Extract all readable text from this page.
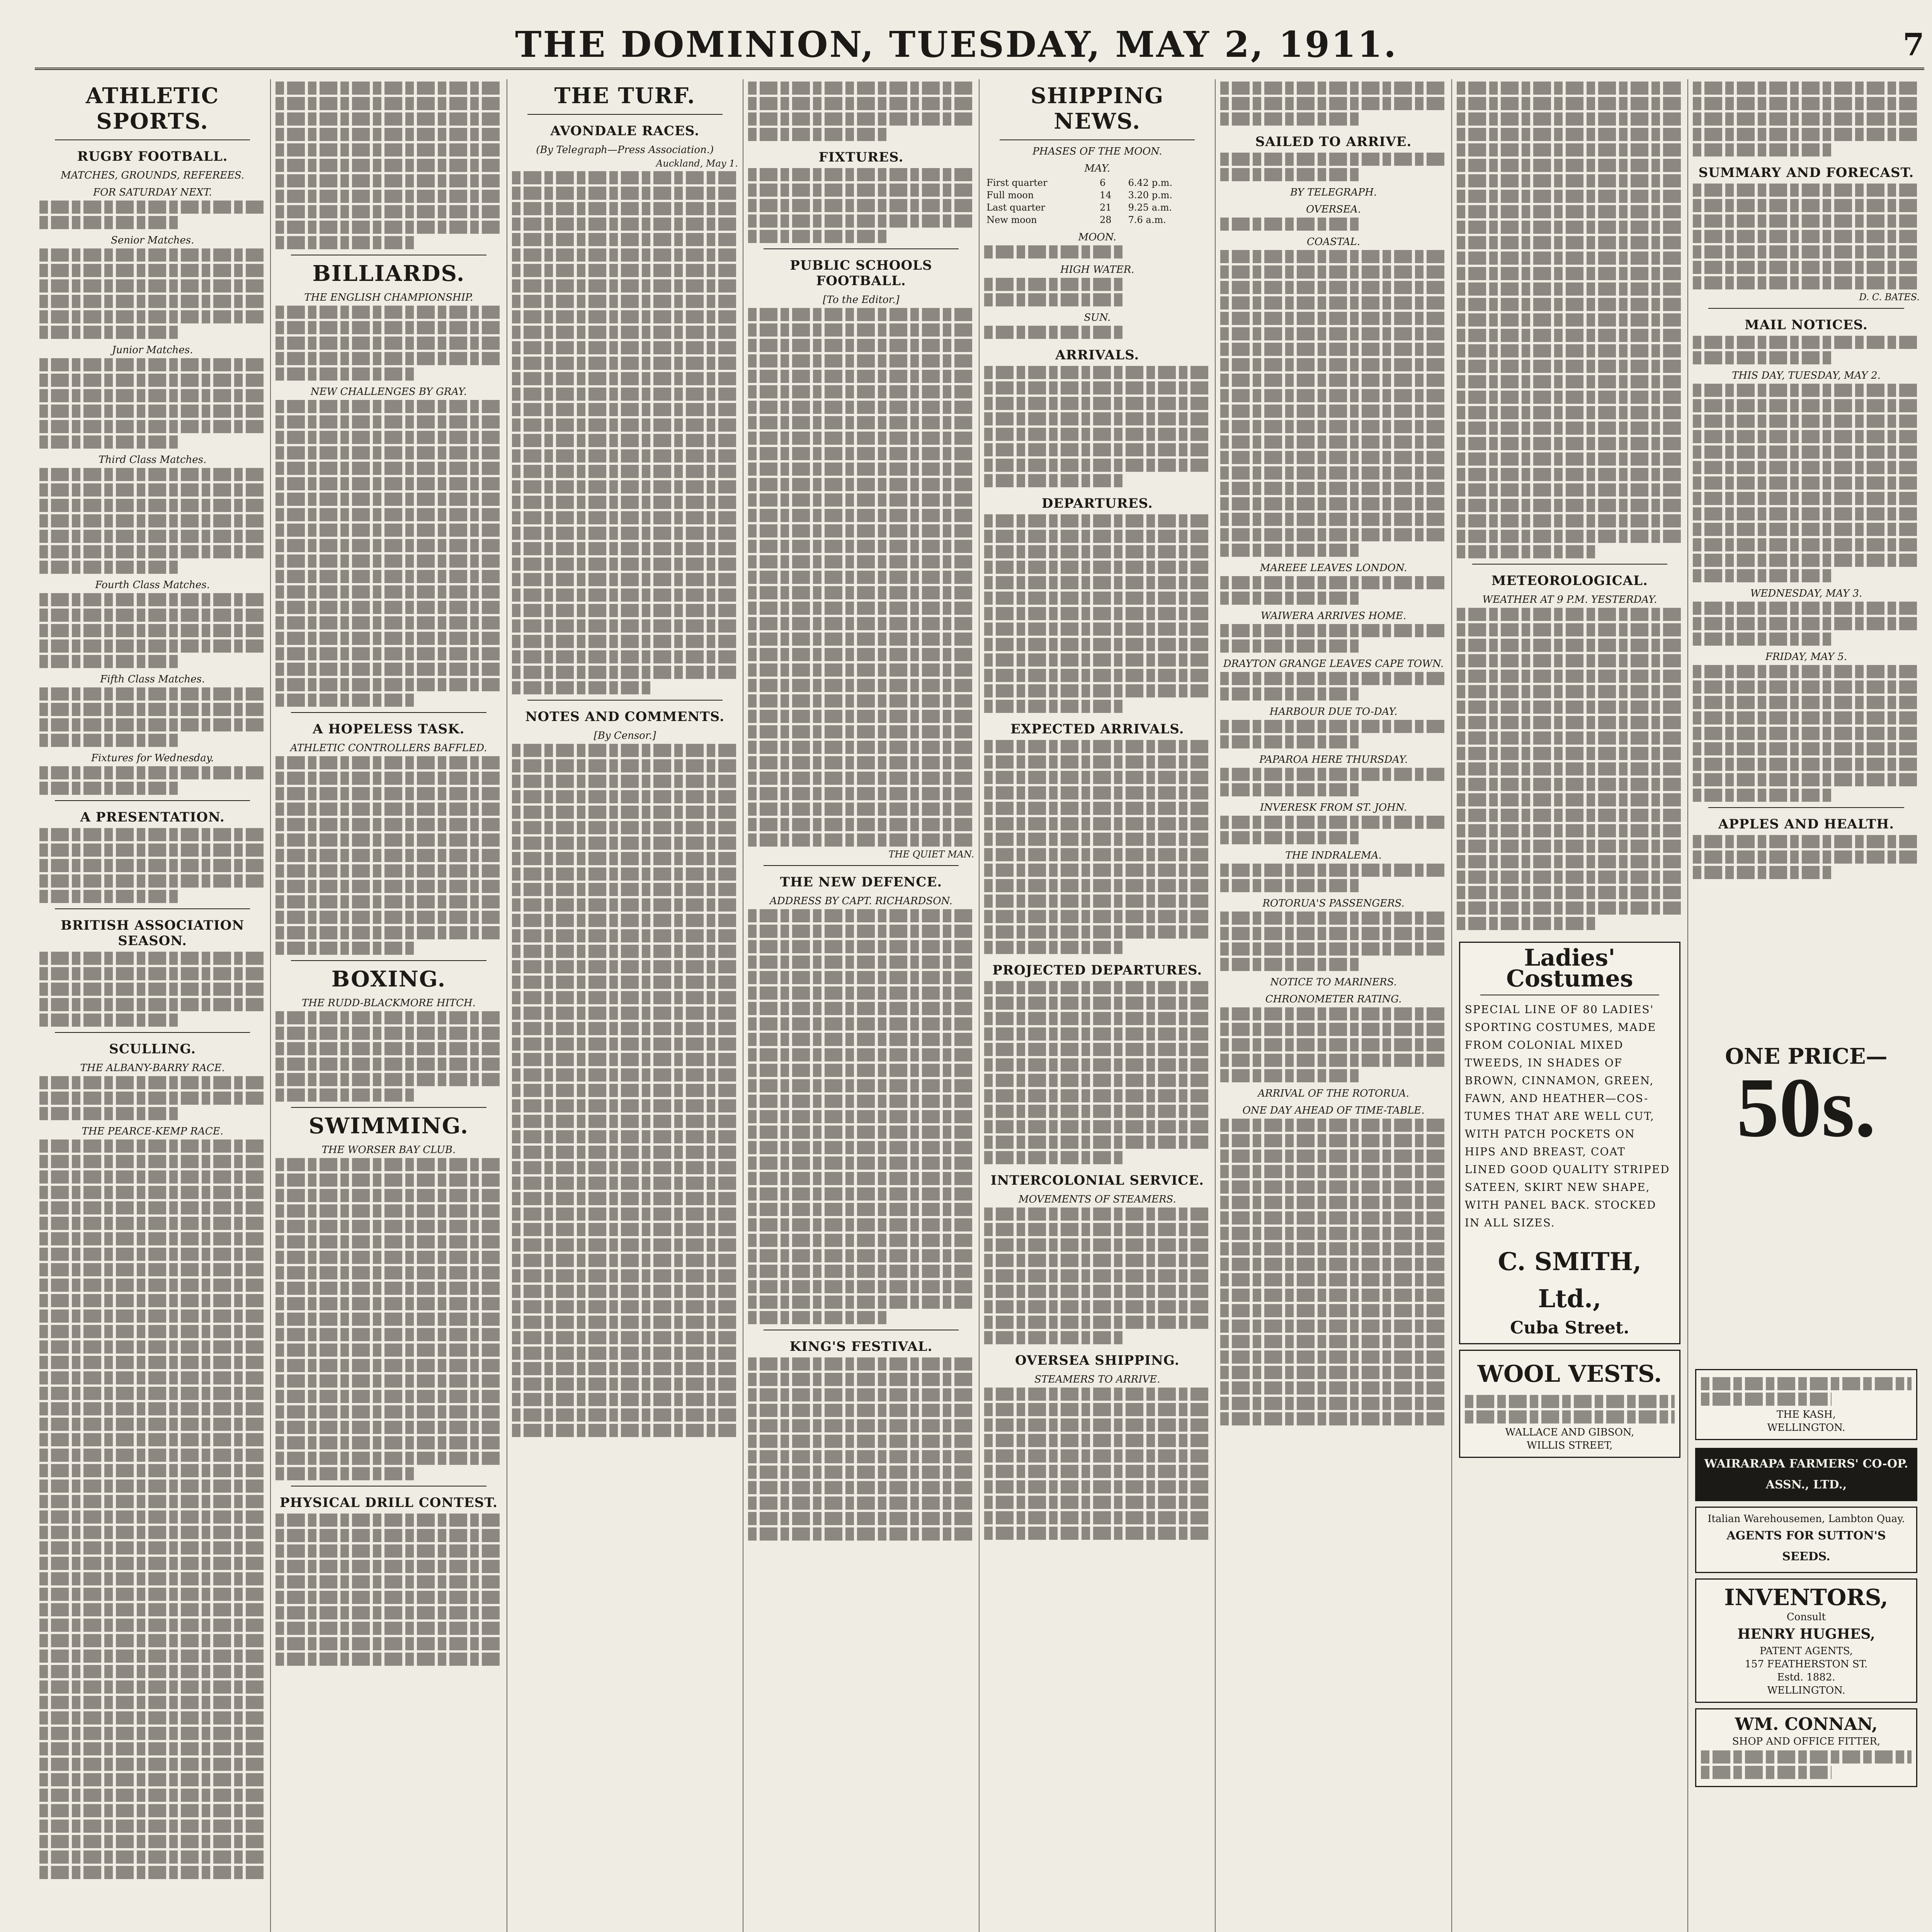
THE DOMINION, TUESDAY, MAY 2, 1911.	7
ATHLETIC SPORTS.
RUGBY FOOTBALL.
MATCHES, GROUNDS, REFEREES.
FOR SATURDAY NEXT.
Senior Matches.
Junior Matches.
Third Class Matches.
Fourth Class Matches.
Fifth Class Matches.
Fixtures for Wednesday.
A PRESENTATION.
BRITISH ASSOCIATION SEASON.
SCULLING.
THE ALBANY-BARRY RACE.
THE PEARCE-KEMP RACE.
BILLIARDS.
THE ENGLISH CHAMPIONSHIP.
NEW CHALLENGES BY GRAY.
A HOPELESS TASK.
ATHLETIC CONTROLLERS BAFFLED.
BOXING.
THE RUDD-BLACKMORE HITCH.
SWIMMING.
THE WORSER BAY CLUB.
PHYSICAL DRILL CONTEST.
THE TURF.
AVONDALE RACES.
(By Telegraph—Press Association.)
Auckland, May 1.
NOTES AND COMMENTS.
[By Censor.]
FIXTURES.
PUBLIC SCHOOLS FOOTBALL.
[To the Editor.]
THE QUIET MAN.
THE NEW DEFENCE.
ADDRESS BY CAPT. RICHARDSON.
KING'S FESTIVAL.
SHIPPING NEWS.
PHASES OF THE MOON.
MAY.
First quarter	6	6.42 p.m.
Full moon	14	3.20 p.m.
Last quarter	21	9.25 a.m.
New moon	28	7.6 a.m.
MOON.
HIGH WATER.
SUN.
ARRIVALS.
DEPARTURES.
EXPECTED ARRIVALS.
PROJECTED DEPARTURES.
INTERCOLONIAL SERVICE.
MOVEMENTS OF STEAMERS.
OVERSEA SHIPPING.
STEAMERS TO ARRIVE.
SAILED TO ARRIVE.
BY TELEGRAPH.
OVERSEA.
COASTAL.
MAREEE LEAVES LONDON.
WAIWERA ARRIVES HOME.
DRAYTON GRANGE LEAVES CAPE TOWN.
HARBOUR DUE TO-DAY.
PAPAROA HERE THURSDAY.
INVERESK FROM ST. JOHN.
THE INDRALEMA.
ROTORUA'S PASSENGERS.
NOTICE TO MARINERS.
CHRONOMETER RATING.
ARRIVAL OF THE ROTORUA.
ONE DAY AHEAD OF TIME-TABLE.
METEOROLOGICAL.
WEATHER AT 9 P.M. YESTERDAY.
Ladies' Costumes
SPECIAL LINE OF 80 LADIES'
SPORTING COSTUMES, MADE
FROM COLONIAL MIXED
TWEEDS, IN SHADES OF
BROWN, CINNAMON, GREEN,
FAWN, AND HEATHER—COS-
TUMES THAT ARE WELL CUT,
WITH PATCH POCKETS ON
HIPS AND BREAST, COAT
LINED GOOD QUALITY STRIPED
SATEEN, SKIRT NEW SHAPE,
WITH PANEL BACK. STOCKED
IN ALL SIZES.
C. SMITH, Ltd.,
Cuba Street.
WOOL VESTS.
WALLACE AND GIBSON,
WILLIS STREET,
SUMMARY AND FORECAST.
D. C. BATES.
MAIL NOTICES.
THIS DAY, TUESDAY, MAY 2.
WEDNESDAY, MAY 3.
FRIDAY, MAY 5.
APPLES AND HEALTH.
ONE PRICE—
50s.
THE KASH,
WELLINGTON.
WAIRARAPA FARMERS' CO-OP. ASSN., LTD.,
Italian Warehousemen, Lambton Quay.
AGENTS FOR SUTTON'S SEEDS.
INVENTORS,
Consult
HENRY HUGHES,
PATENT AGENTS,
157 FEATHERSTON ST.
Estd. 1882.
WELLINGTON.
WM. CONNAN,
SHOP AND OFFICE FITTER,
